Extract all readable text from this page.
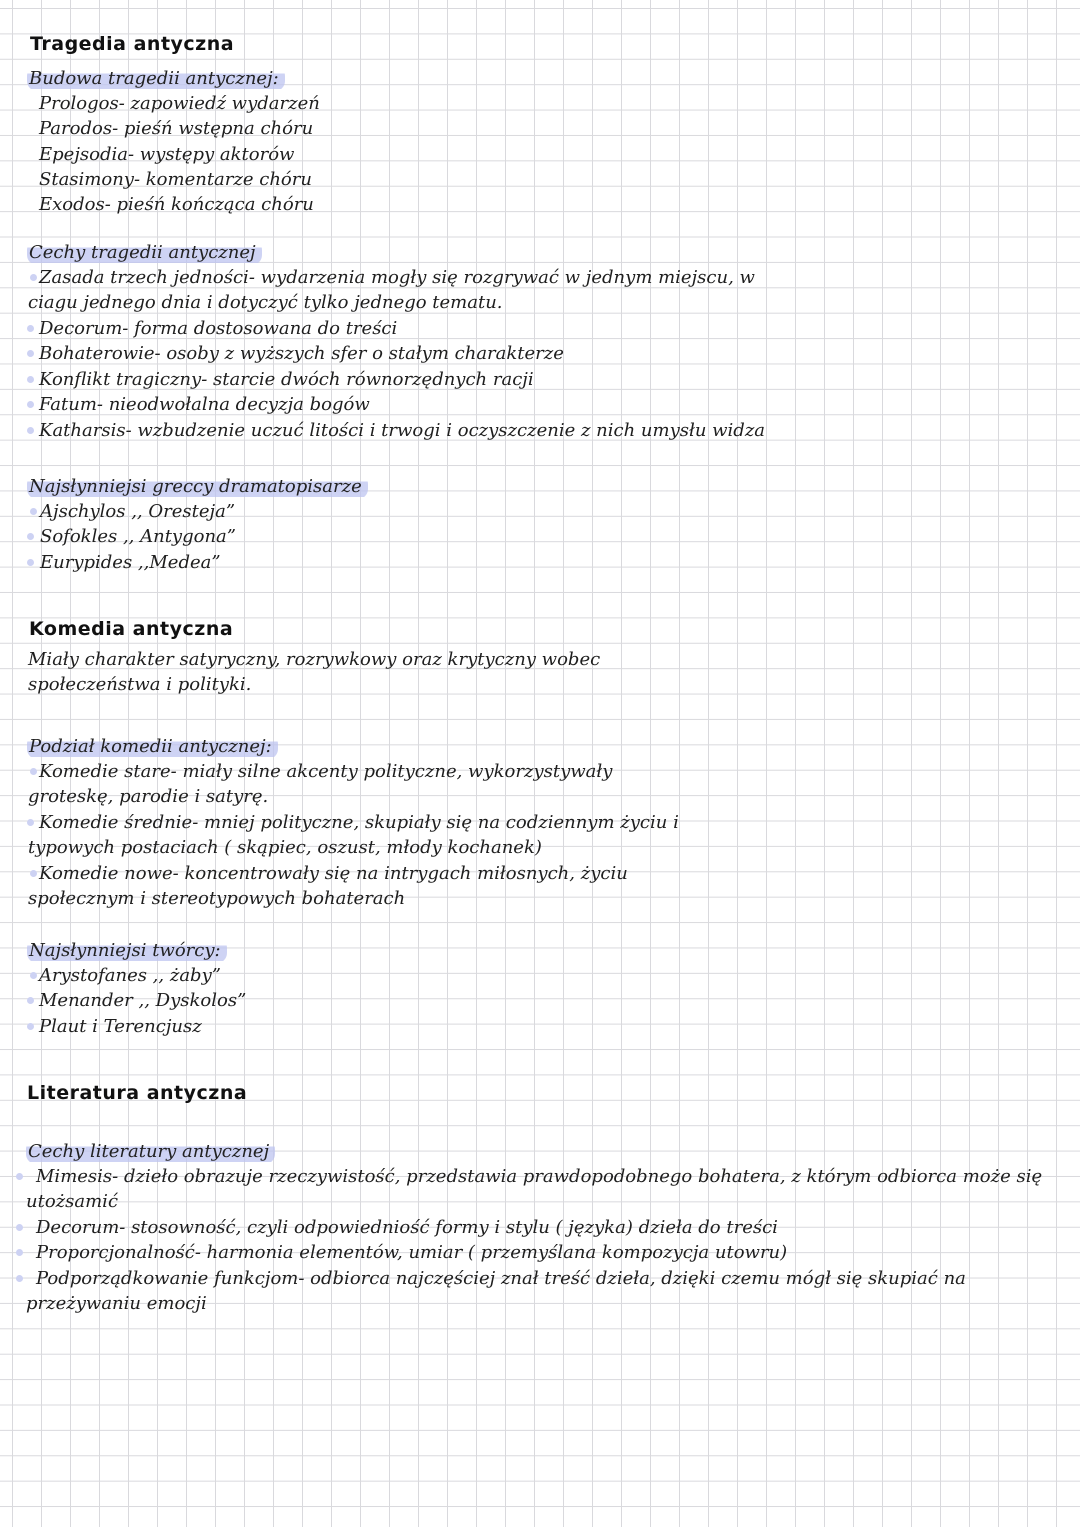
Tragedia antyczna
Budowa tragedii antycznej:
Prologos- zapowiedź wydarzeń
Parodos- pieśń wstępna chóru
Epejsodia- występy aktorów
Stasimony- komentarze chóru
Exodos- pieśń kończąca chóru
Cechy tragedii antycznej
Zasada trzech jedności- wydarzenia mogły się rozgrywać w jednym miejscu, w
ciagu jednego dnia i dotyczyć tylko jednego tematu.
Decorum- forma dostosowana do treści
Bohaterowie- osoby z wyższych sfer o stałym charakterze
Konflikt tragiczny- starcie dwóch równorzędnych racji
Fatum- nieodwołalna decyzja bogów
Katharsis- wzbudzenie uczuć litości i trwogi i oczyszczenie z nich umysłu widza
Najsłynniejsi greccy dramatopisarze
Ajschylos ,, Oresteja”
Sofokles ,, Antygona”
Eurypides ,,Medea”
Komedia antyczna
Miały charakter satyryczny, rozrywkowy oraz krytyczny wobec
społeczeństwa i polityki.
Podział komedii antycznej:
Komedie stare- miały silne akcenty polityczne, wykorzystywały
groteskę, parodie i satyrę.
Komedie średnie- mniej polityczne, skupiały się na codziennym życiu i
typowych postaciach ( skąpiec, oszust, młody kochanek)
Komedie nowe- koncentrowały się na intrygach miłosnych, życiu
społecznym i stereotypowych bohaterach
Najsłynniejsi twórcy:
Arystofanes ,, żaby”
Menander ,, Dyskolos”
Plaut i Terencjusz
Literatura antyczna
Cechy literatury antycznej
Mimesis- dzieło obrazuje rzeczywistość, przedstawia prawdopodobnego bohatera, z którym odbiorca może się
utożsamić
Decorum- stosowność, czyli odpowiedniość formy i stylu ( języka) dzieła do treści
Proporcjonalność- harmonia elementów, umiar ( przemyślana kompozycja utowru)
Podporządkowanie funkcjom- odbiorca najczęściej znał treść dzieła, dzięki czemu mógł się skupiać na
przeżywaniu emocji
